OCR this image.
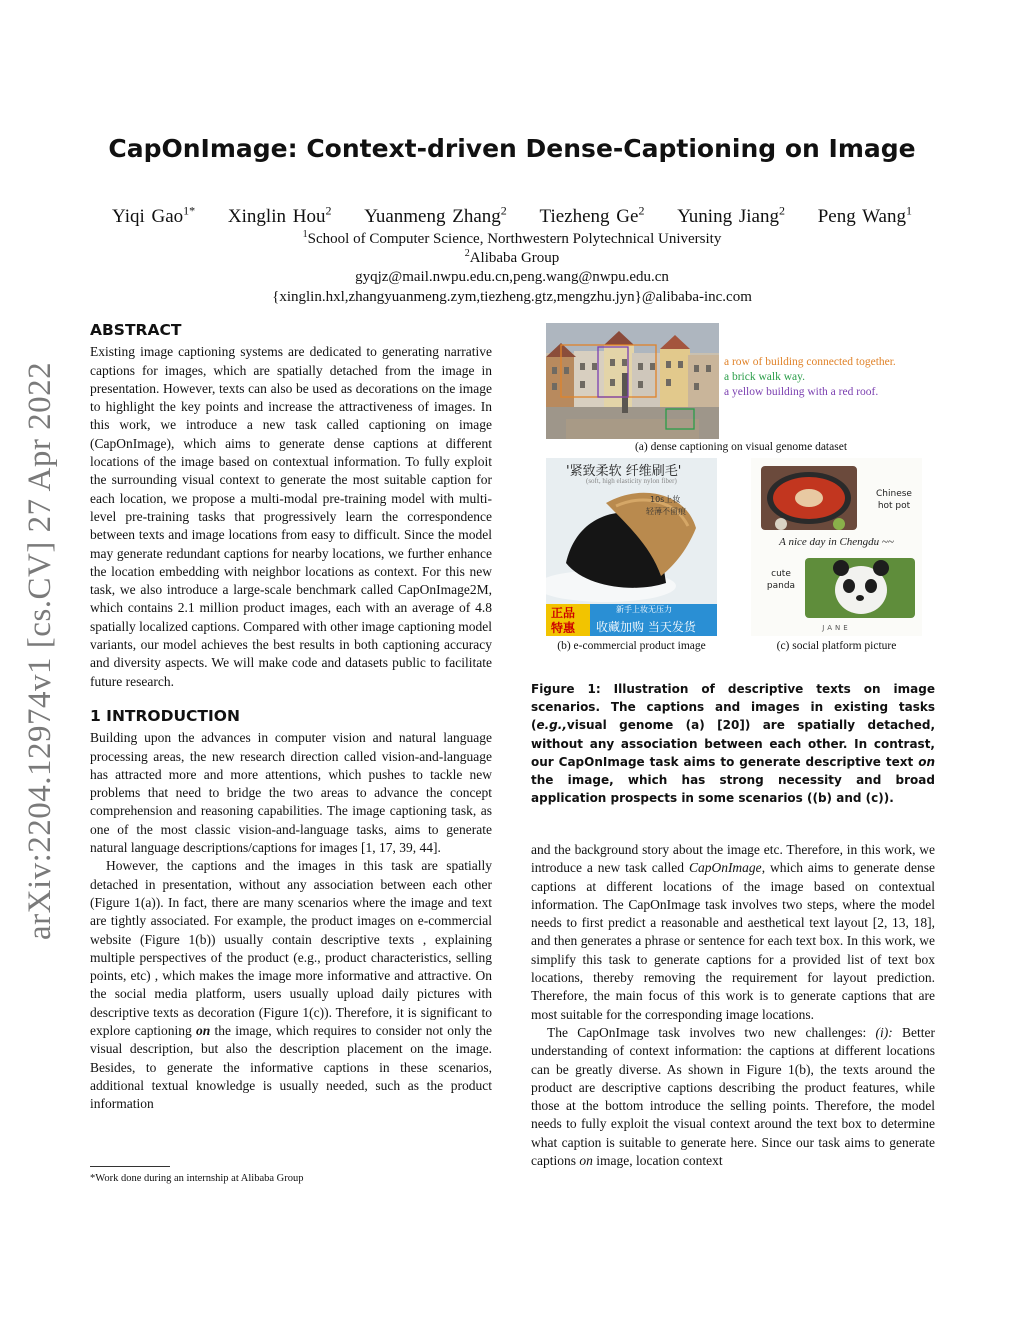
CapOnImage: Context-driven Dense-Captioning on Image
Yiqi Gao$^{1*}$ Xinglin Hou$^2$ Yuanmeng Zhang$^2$ Tiezheng Ge$^2$ Yuning Jiang$^2$ Peng Wang$^1$
$^1$School of Computer Science, Northwestern Polytechnical University
$^2$Alibaba Group
gyqjz@mail.nwpu.edu.cn,peng.wang@nwpu.edu.cn
{xinglin.hxl,zhangyuanmeng.zym,tiezheng.gtz,mengzhu.jyn}@alibaba-inc.com
arXiv:2204.12974v1 [cs.CV] 27 Apr 2022
ABSTRACT

Existing image captioning systems are dedicated to generating narrative captions for images, which are spatially detached from the image in presentation. However, texts can also be used as decorations on the image to highlight the key points and increase the attractiveness of images. In this work, we introduce a new task called captioning on image (CapOnImage), which aims to generate dense captions at different locations of the image based on contextual information. To fully exploit the surrounding visual context to generate the most suitable caption for each location, we propose a multi-modal pre-training model with multi-level pre-training tasks that progressively learn the correspondence between texts and image locations from easy to difficult. Since the model may generate redundant captions for nearby locations, we further enhance the location embedding with neighbor locations as context. For this new task, we also introduce a large-scale benchmark called CapOnImage2M, which contains 2.1 million product images, each with an average of 4.8 spatially localized captions. Compared with other image captioning model variants, our model achieves the best results in both captioning accuracy and diversity aspects. We will make code and datasets public to facilitate future research.

1 INTRODUCTION

Building upon the advances in computer vision and natural language processing areas, the new research direction called vision-and-language has attracted more and more attentions, which pushes to tackle new problems that need to bridge the two areas to advance the concept comprehension and reasoning capabilities. The image captioning task, as one of the most classic vision-and-language tasks, aims to generate natural language descriptions/captions for images [1, 17, 39, 44].

However, the captions and the images in this task are spatially detached in presentation, without any association between each other (Figure 1(a)). In fact, there are many scenarios where the image and text are tightly associated. For example, the product images on e-commercial website (Figure 1(b)) usually contain descriptive texts , explaining multiple perspectives of the product (e.g., product characteristics, selling points, etc) , which makes the image more informative and attractive. On the social media platform, users usually upload daily pictures with descriptive texts as decoration (Figure 1(c)). Therefore, it is significant to explore captioning on the image, which requires to consider not only the visual description, but also the description placement on the image. Besides, to generate the informative captions in these scenarios, additional textual knowledge is usually needed, such as the product information

*Work done during an internship at Alibaba Group
a row of building connected together.
a brick walk way.
a yellow building with a red roof.
(a) dense captioning on visual genome dataset
'紧致柔软 纤维刷毛'
(soft, high elasticity nylon fiber)
10s上妆
轻薄不留痕
正品
特惠
新手上妆无压力
收藏加购 当天发货
Chinese hot pot
A nice day in Chengdu ~~
cute panda
JANE
(b) e-commercial product image	(c) social platform picture
Figure 1: Illustration of descriptive texts on image scenarios. The captions and images in existing tasks (e.g.,visual genome (a) [20]) are spatially detached, without any association between each other. In contrast, our CapOnImage task aims to generate descriptive text on the image, which has strong necessity and broad application prospects in some scenarios ((b) and (c)).

and the background story about the image etc. Therefore, in this work, we introduce a new task called CapOnImage, which aims to generate dense captions at different locations of the image based on contextual information. The CapOnImage task involves two steps, where the model needs to first predict a reasonable and aesthetical text layout [2, 13, 18], and then generates a phrase or sentence for each text box. In this work, we simplify this task to generate captions for a provided list of text box locations, thereby removing the requirement for layout prediction. Therefore, the main focus of this work is to generate captions that are most suitable for the corresponding image locations.

The CapOnImage task involves two new challenges: (i): Better understanding of context information: the captions at different locations can be greatly diverse. As shown in Figure 1(b), the texts around the product are descriptive captions describing the product features, while those at the bottom introduce the selling points. Therefore, the model needs to fully exploit the visual context around the text box to determine what caption is suitable to generate here. Since our task aims to generate captions on image, location context
